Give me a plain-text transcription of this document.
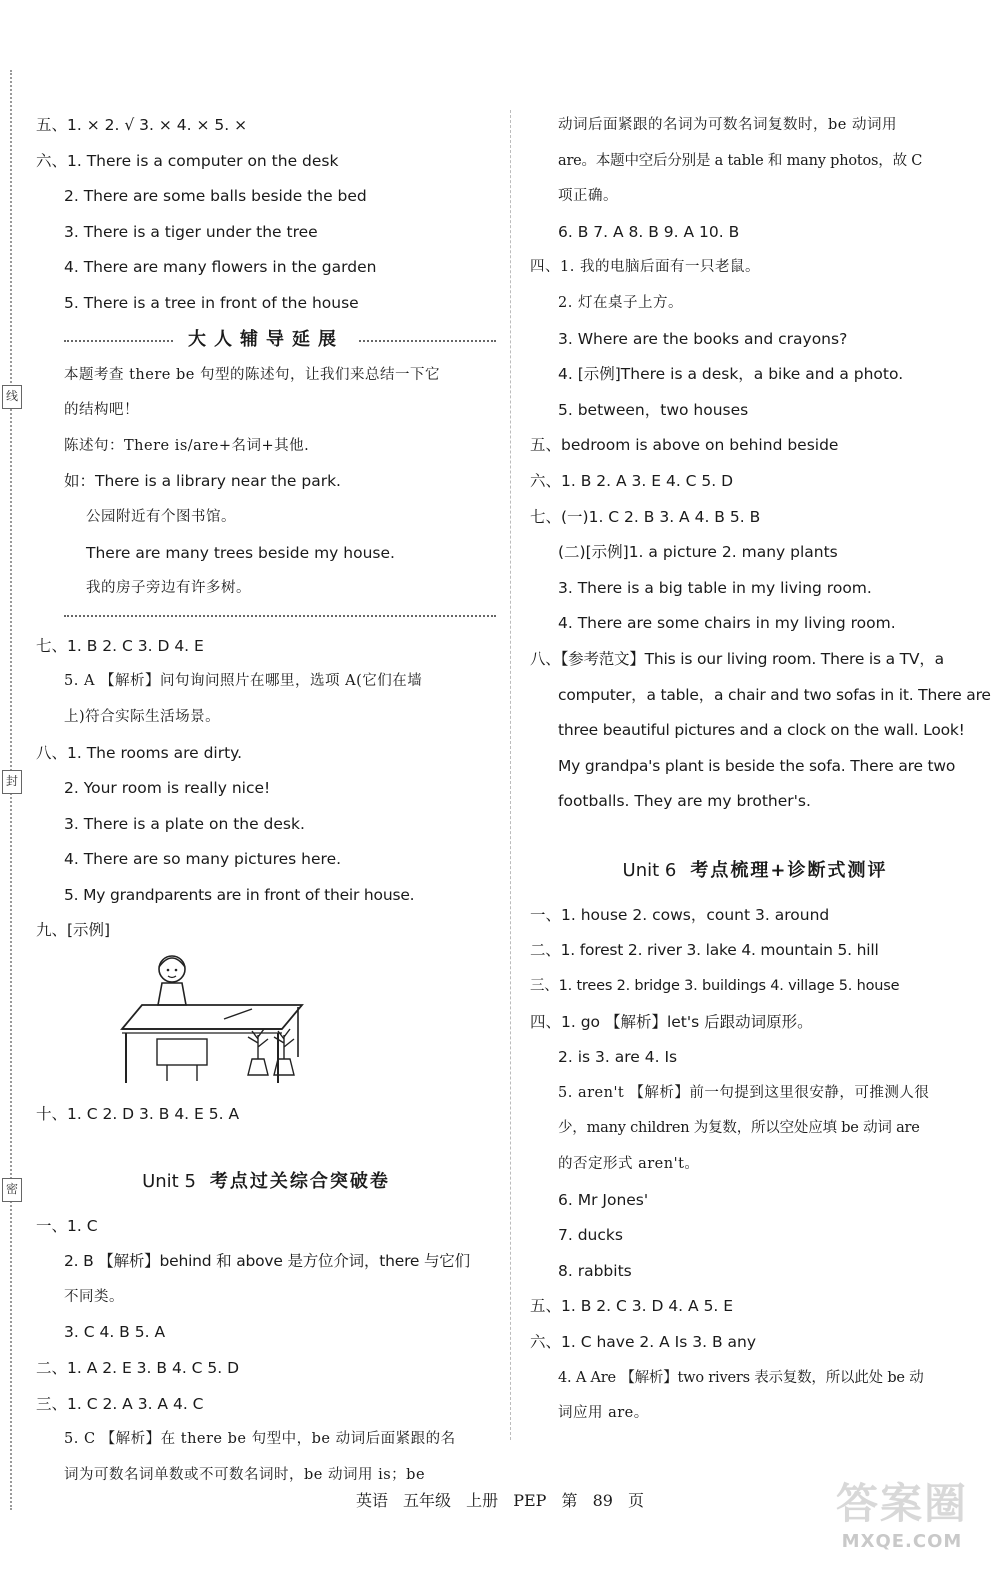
线
封
密
五、1. × 2. √ 3. × 4. × 5. ×
六、1. There is a computer on the desk
2. There are some balls beside the bed
3. There is a tiger under the tree
4. There are many flowers in the garden
5. There is a tree in front of the house
大人辅导延展
本题考查 there be 句型的陈述句，让我们来总结一下它
的结构吧！
陈述句：There is/are+名词+其他.
如：There is a library near the park.
公园附近有个图书馆。
There are many trees beside my house.
我的房子旁边有许多树。
七、1. B 2. C 3. D 4. E
5. A 【解析】问句询问照片在哪里，选项 A(它们在墙
上)符合实际生活场景。
八、1. The rooms are dirty.
2. Your room is really nice!
3. There is a plate on the desk.
4. There are so many pictures here.
5. My grandparents are in front of their house.
九、[示例]
十、1. C 2. D 3. B 4. E 5. A
Unit 5 考点过关综合突破卷
一、1. C
2. B 【解析】behind 和 above 是方位介词，there 与它们
不同类。
3. C 4. B 5. A
二、1. A 2. E 3. B 4. C 5. D
三、1. C 2. A 3. A 4. C
5. C 【解析】在 there be 句型中，be 动词后面紧跟的名
词为可数名词单数或不可数名词时，be 动词用 is；be
动词后面紧跟的名词为可数名词复数时，be 动词用
are。本题中空后分别是 a table 和 many photos，故 C
项正确。
6. B 7. A 8. B 9. A 10. B
四、1. 我的电脑后面有一只老鼠。
2. 灯在桌子上方。
3. Where are the books and crayons?
4. [示例]There is a desk，a bike and a photo.
5. between，two houses
五、bedroom is above on behind beside
六、1. B 2. A 3. E 4. C 5. D
七、(一)1. C 2. B 3. A 4. B 5. B
(二)[示例]1. a picture 2. many plants
3. There is a big table in my living room.
4. There are some chairs in my living room.
八、【参考范文】This is our living room. There is a TV，a
computer，a table，a chair and two sofas in it. There are
three beautiful pictures and a clock on the wall. Look!
My grandpa's plant is beside the sofa. There are two
footballs. They are my brother's.
Unit 6 考点梳理+诊断式测评
一、1. house 2. cows，count 3. around
二、1. forest 2. river 3. lake 4. mountain 5. hill
三、1. trees 2. bridge 3. buildings 4. village 5. house
四、1. go 【解析】let's 后跟动词原形。
2. is 3. are 4. Is
5. aren't 【解析】前一句提到这里很安静，可推测人很
少，many children 为复数，所以空处应填 be 动词 are
的否定形式 aren't。
6. Mr Jones'
7. ducks
8. rabbits
五、1. B 2. C 3. D 4. A 5. E
六、1. C have 2. A Is 3. B any
4. A Are 【解析】two rivers 表示复数，所以此处 be 动
词应用 are。
英语 五年级 上册 PEP 第 89 页	答案圈
MXQE.COM
